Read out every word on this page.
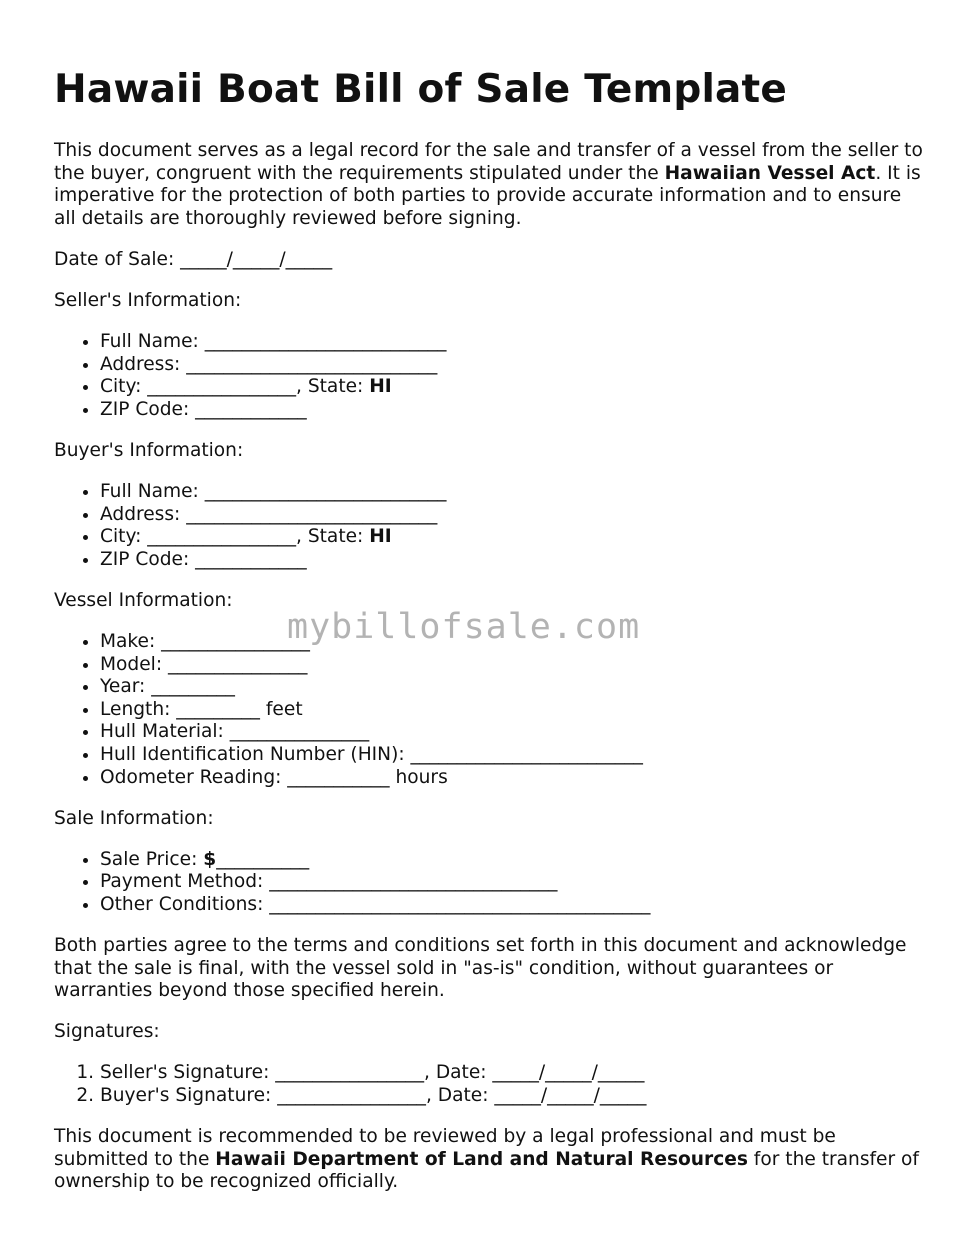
Hawaii Boat Bill of Sale Template

This document serves as a legal record for the sale and transfer of a vessel from the seller to the buyer, congruent with the requirements stipulated under the Hawaiian Vessel Act. It is imperative for the protection of both parties to provide accurate information and to ensure all details are thoroughly reviewed before signing.

Date of Sale: _____/_____/_____

Seller's Information:

• Full Name: __________________________
• Address: ___________________________
• City: ________________, State: HI
• ZIP Code: ____________

Buyer's Information:

• Full Name: __________________________
• Address: ___________________________
• City: ________________, State: HI
• ZIP Code: ____________

Vessel Information:

• Make: ________________
• Model: _______________
• Year: _________
• Length: _________ feet
• Hull Material: _______________
• Hull Identification Number (HIN): _________________________
• Odometer Reading: ___________ hours

Sale Information:

• Sale Price: $__________
• Payment Method: _______________________________
• Other Conditions: _________________________________________

Both parties agree to the terms and conditions set forth in this document and acknowledge that the sale is final, with the vessel sold in "as-is" condition, without guarantees or warranties beyond those specified herein.

Signatures:

1. Seller's Signature: ________________, Date: _____/_____/_____
2. Buyer's Signature: ________________, Date: _____/_____/_____

This document is recommended to be reviewed by a legal professional and must be submitted to the Hawaii Department of Land and Natural Resources for the transfer of ownership to be recognized officially.

mybillofsale.com
